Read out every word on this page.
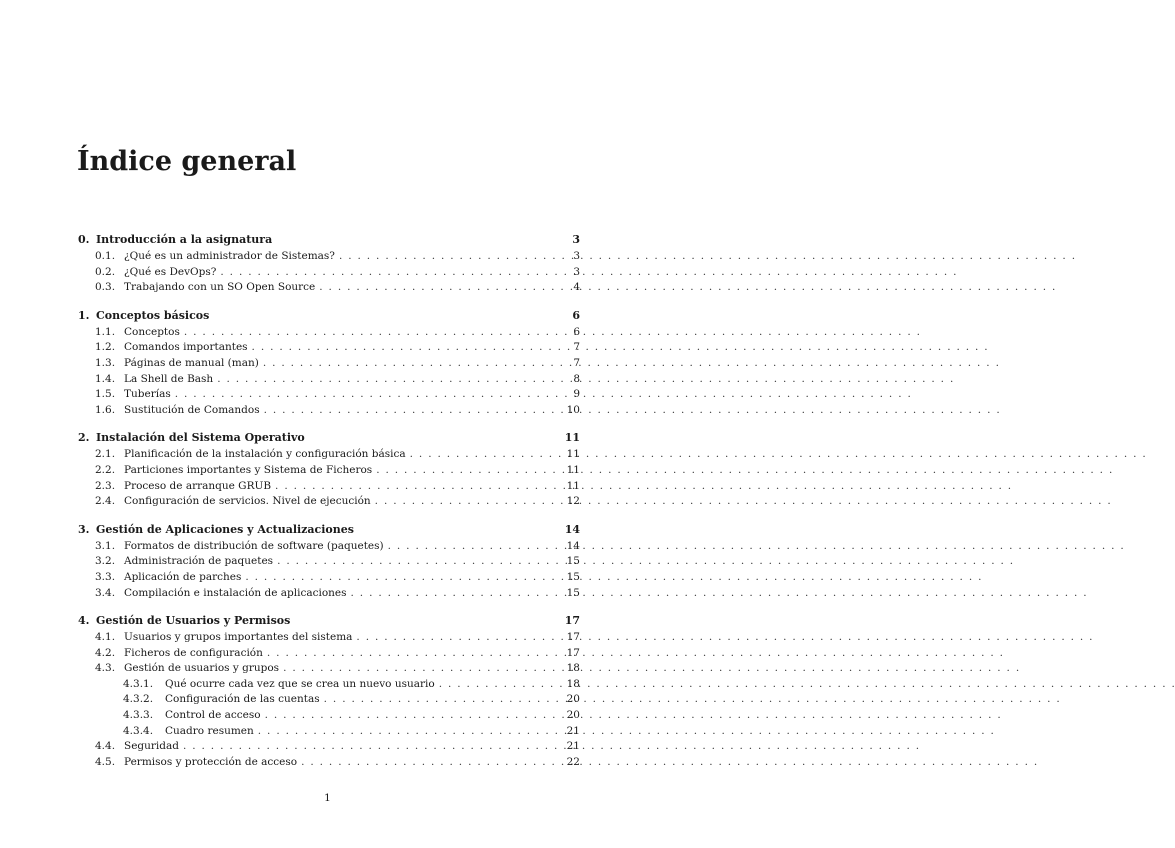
Índice general
0. Introducción a la asignatura	3
0.1. ¿Qué es un administrador de Sistemas? . . .	3
0.2. ¿Qué es DevOps? . . .	3
0.3. Trabajando con un SO Open Source . . .	4
1. Conceptos básicos	6
1.1. Conceptos . . .	6
1.2. Comandos importantes . . .	7
1.3. Páginas de manual (man) . . .	7
1.4. La Shell de Bash . . .	8
1.5. Tuberías . . .	9
1.6. Sustitución de Comandos . . .	10
2. Instalación del Sistema Operativo	11
2.1. Planificación de la instalación y configuración básica . . .	11
2.2. Particiones importantes y Sistema de Ficheros . . .	11
2.3. Proceso de arranque GRUB . . .	11
2.4. Configuración de servicios. Nivel de ejecución . . .	12
3. Gestión de Aplicaciones y Actualizaciones	14
3.1. Formatos de distribución de software (paquetes) . . .	14
3.2. Administración de paquetes . . .	15
3.3. Aplicación de parches . . .	15
3.4. Compilación e instalación de aplicaciones . . .	15
4. Gestión de Usuarios y Permisos	17
4.1. Usuarios y grupos importantes del sistema . . .	17
4.2. Ficheros de configuración . . .	17
4.3. Gestión de usuarios y grupos . . .	18
4.3.1.	Qué ocurre cada vez que se crea un nuevo usuario . . .	18
4.3.2.	Configuración de las cuentas . . .	20
4.3.3.	Control de acceso . . .	20
4.3.4.	Cuadro resumen . . .	21
4.4. Seguridad . . .	21
4.5. Permisos y protección de acceso . . .	22
1
